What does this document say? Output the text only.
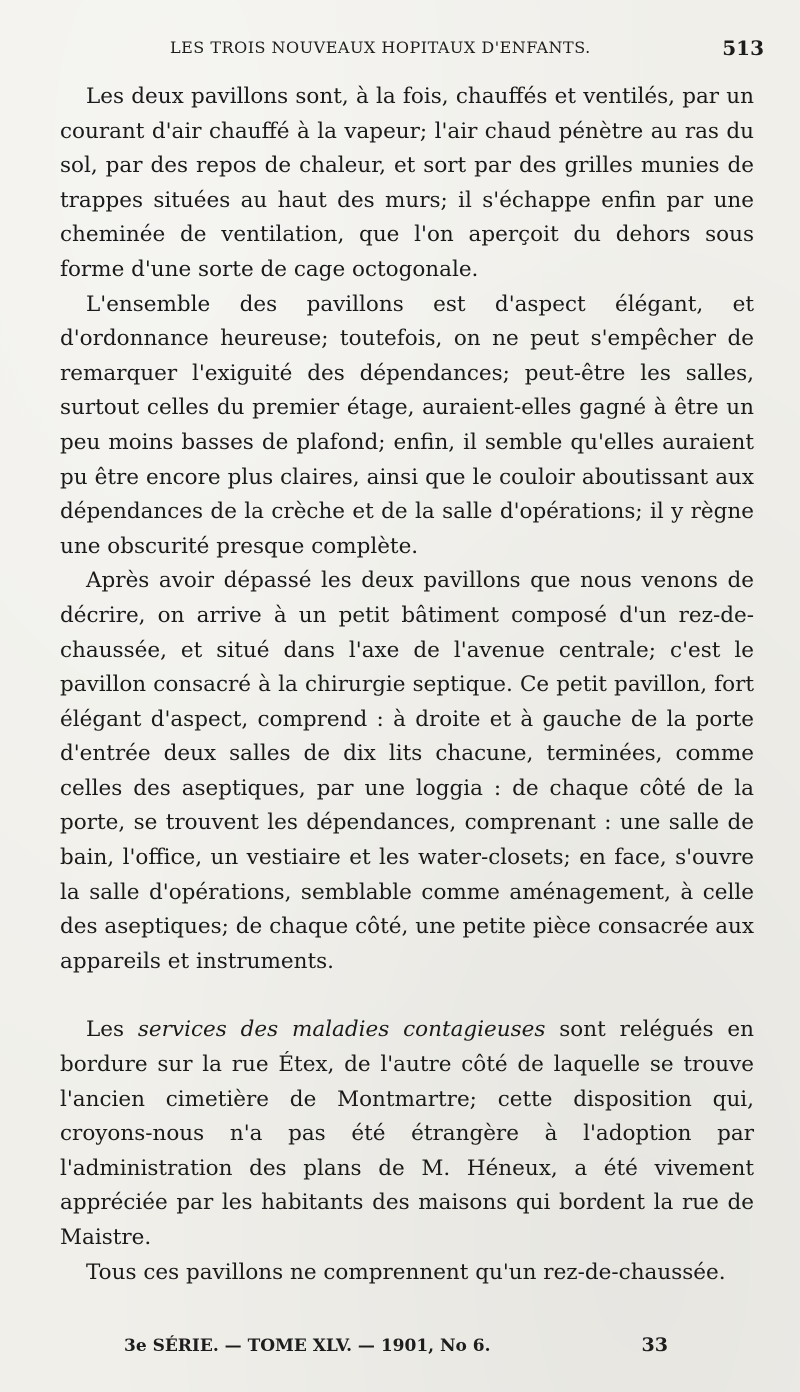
LES TROIS NOUVEAUX HOPITAUX D'ENFANTS.	513

Les deux pavillons sont, à la fois, chauffés et ventilés, par un courant d'air chauffé à la vapeur; l'air chaud pénètre au ras du sol, par des repos de chaleur, et sort par des grilles munies de trappes situées au haut des murs; il s'échappe enfin par une cheminée de ventilation, que l'on aperçoit du dehors sous forme d'une sorte de cage octogonale.

L'ensemble des pavillons est d'aspect élégant, et d'ordonnance heureuse; toutefois, on ne peut s'empêcher de remarquer l'exiguité des dépendances; peut-être les salles, surtout celles du premier étage, auraient-elles gagné à être un peu moins basses de plafond; enfin, il semble qu'elles auraient pu être encore plus claires, ainsi que le couloir aboutissant aux dépendances de la crèche et de la salle d'opérations; il y règne une obscurité presque complète.

Après avoir dépassé les deux pavillons que nous venons de décrire, on arrive à un petit bâtiment composé d'un rez-de-chaussée, et situé dans l'axe de l'avenue centrale; c'est le pavillon consacré à la chirurgie septique. Ce petit pavillon, fort élégant d'aspect, comprend : à droite et à gauche de la porte d'entrée deux salles de dix lits chacune, terminées, comme celles des aseptiques, par une loggia : de chaque côté de la porte, se trouvent les dépendances, comprenant : une salle de bain, l'office, un vestiaire et les water-closets; en face, s'ouvre la salle d'opérations, semblable comme aménagement, à celle des aseptiques; de chaque côté, une petite pièce consacrée aux appareils et instruments.

Les services des maladies contagieuses sont relégués en bordure sur la rue Étex, de l'autre côté de laquelle se trouve l'ancien cimetière de Montmartre; cette disposition qui, croyons-nous n'a pas été étrangère à l'adoption par l'administration des plans de M. Héneux, a été vivement appréciée par les habitants des maisons qui bordent la rue de Maistre.

Tous ces pavillons ne comprennent qu'un rez-de-chaussée.

3e SÉRIE. — TOME XLV. — 1901, No 6.	33
